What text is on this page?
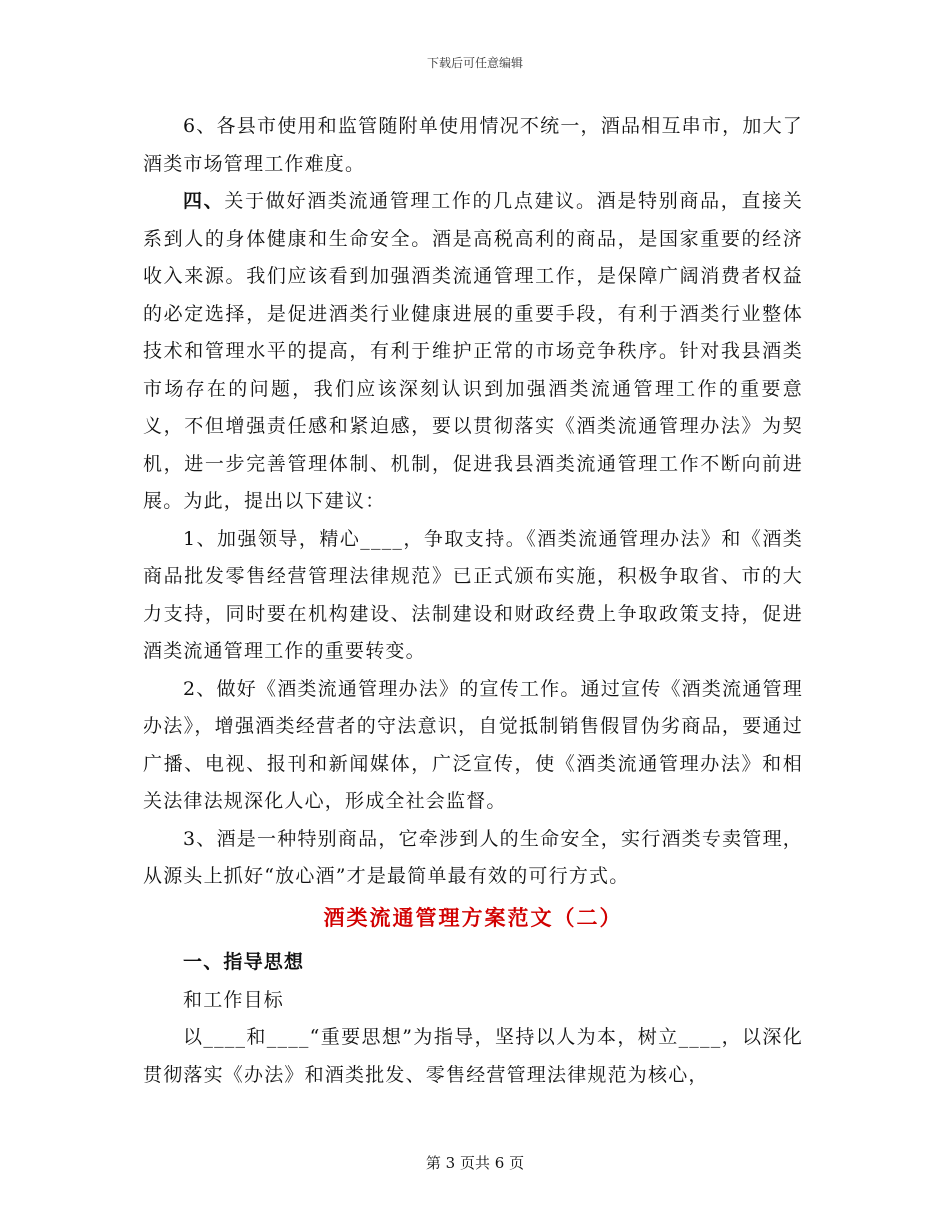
下载后可任意编辑

6、各县市使用和监管随附单使用情况不统一，酒品相互串市，加大了酒类市场管理工作难度。

四、关于做好酒类流通管理工作的几点建议。酒是特别商品，直接关系到人的身体健康和生命安全。酒是高税高利的商品，是国家重要的经济收入来源。我们应该看到加强酒类流通管理工作，是保障广阔消费者权益的必定选择，是促进酒类行业健康进展的重要手段，有利于酒类行业整体技术和管理水平的提高，有利于维护正常的市场竞争秩序。针对我县酒类市场存在的问题，我们应该深刻认识到加强酒类流通管理工作的重要意义，不但增强责任感和紧迫感，要以贯彻落实《酒类流通管理办法》为契机，进一步完善管理体制、机制，促进我县酒类流通管理工作不断向前进展。为此，提出以下建议：

1、加强领导，精心____，争取支持。《酒类流通管理办法》和《酒类商品批发零售经营管理法律规范》已正式颁布实施，积极争取省、市的大力支持，同时要在机构建设、法制建设和财政经费上争取政策支持，促进酒类流通管理工作的重要转变。

2、做好《酒类流通管理办法》的宣传工作。通过宣传《酒类流通管理办法》，增强酒类经营者的守法意识，自觉抵制销售假冒伪劣商品，要通过广播、电视、报刊和新闻媒体，广泛宣传，使《酒类流通管理办法》和相关法律法规深化人心，形成全社会监督。

3、酒是一种特别商品，它牵涉到人的生命安全，实行酒类专卖管理，从源头上抓好“放心酒”才是最简单最有效的可行方式。

酒类流通管理方案范文（二）

一、指导思想

和工作目标

以____和____“重要思想”为指导，坚持以人为本，树立____，以深化贯彻落实《办法》和酒类批发、零售经营管理法律规范为核心，

第 3 页共 6 页
